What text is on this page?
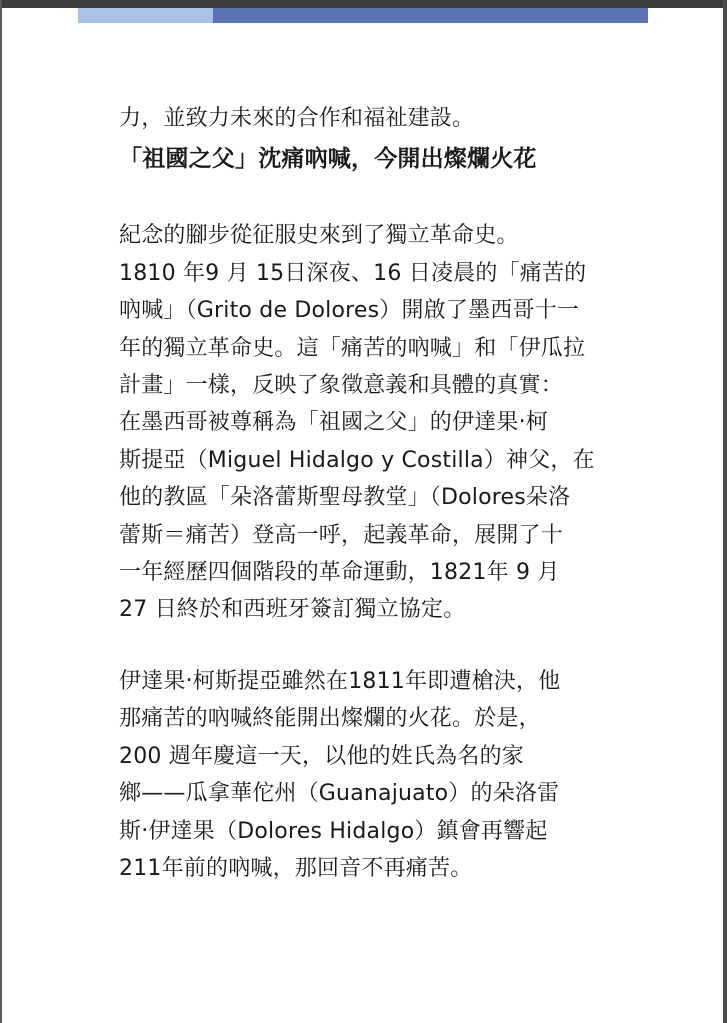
力，並致力未來的合作和福祉建設。
「祖國之父」沈痛吶喊，今開出燦爛火花
紀念的腳步從征服史來到了獨立革命史。
1810 年9 月 15日深夜、16 日凌晨的「痛苦的
吶喊」（Grito de Dolores）開啟了墨西哥十一
年的獨立革命史。這「痛苦的吶喊」和「伊瓜拉
計畫」一樣，反映了象徵意義和具體的真實：
在墨西哥被尊稱為「祖國之父」的伊達果‧柯
斯提亞（Miguel Hidalgo y Costilla）神父，在
他的教區「朵洛蕾斯聖母教堂」（Dolores朵洛
蕾斯＝痛苦）登高一呼，起義革命，展開了十
一年經歷四個階段的革命運動，1821年 9 月
27 日終於和西班牙簽訂獨立協定。
伊達果‧柯斯提亞雖然在1811年即遭槍決，他
那痛苦的吶喊終能開出燦爛的火花。於是，
200 週年慶這一天，以他的姓氏為名的家
鄉——瓜拿華佗州（Guanajuato）的朵洛雷
斯‧伊達果（Dolores Hidalgo）鎮會再響起
211年前的吶喊，那回音不再痛苦。
